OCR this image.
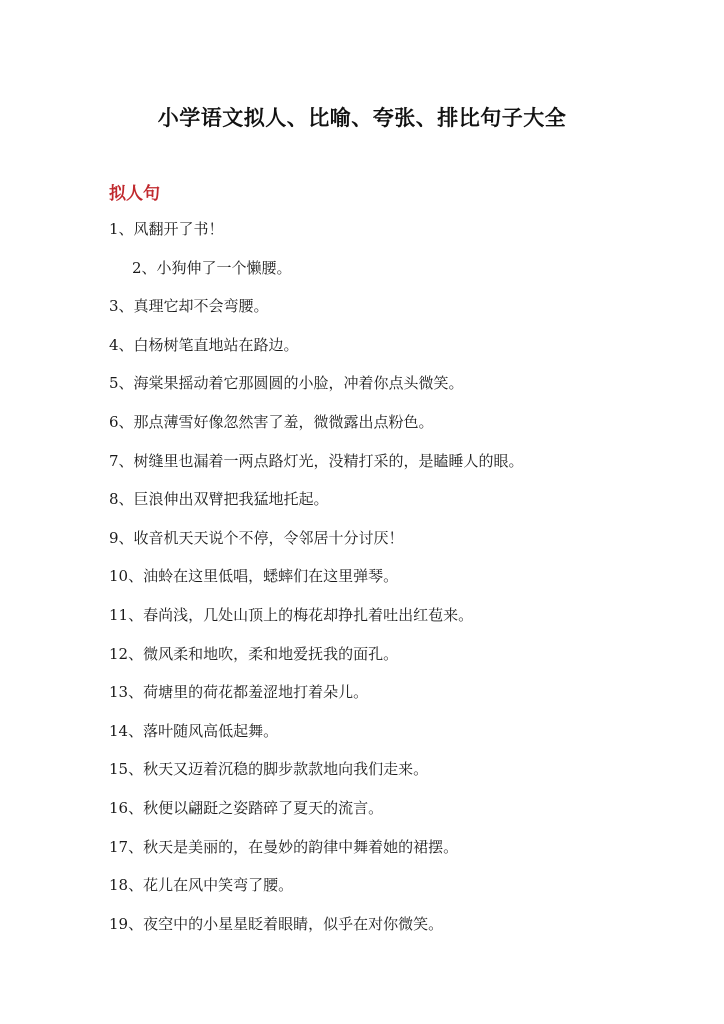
小学语文拟人、比喻、夸张、排比句子大全
拟人句
1、风翻开了书！
2、小狗伸了一个懒腰。
3、真理它却不会弯腰。
4、白杨树笔直地站在路边。
5、海棠果摇动着它那圆圆的小脸，冲着你点头微笑。
6、那点薄雪好像忽然害了羞，微微露出点粉色。
7、树缝里也漏着一两点路灯光，没精打采的，是瞌睡人的眼。
8、巨浪伸出双臂把我猛地托起。
9、收音机天天说个不停，令邻居十分讨厌！
10、油蛉在这里低唱，蟋蟀们在这里弹琴。
11、春尚浅，几处山顶上的梅花却挣扎着吐出红苞来。
12、微风柔和地吹，柔和地爱抚我的面孔。
13、荷塘里的荷花都羞涩地打着朵儿。
14、落叶随风高低起舞。
15、秋天又迈着沉稳的脚步款款地向我们走来。
16、秋便以翩跹之姿踏碎了夏天的流言。
17、秋天是美丽的，在曼妙的韵律中舞着她的裙摆。
18、花儿在风中笑弯了腰。
19、夜空中的小星星眨着眼睛，似乎在对你微笑。
